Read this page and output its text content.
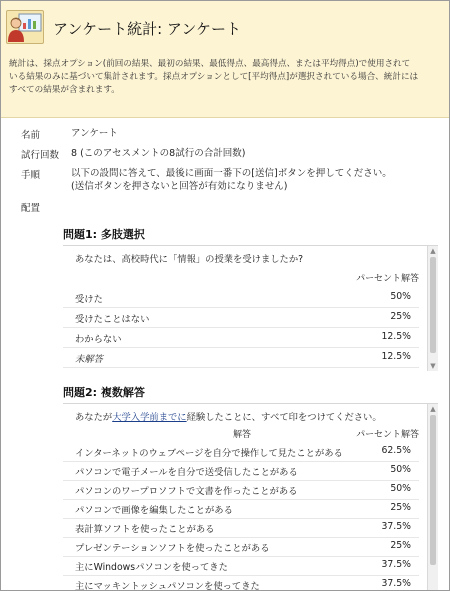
アンケート統計: アンケート
統計は、採点オプション(前回の結果、最初の結果、最低得点、最高得点、または平均得点)で使用されて
いる結果のみに基づいて集計されます。採点オプションとして[平均得点]が選択されている場合、統計には
すべての結果が含まれます。
名前	アンケート
試行回数 8 (このアセスメントの8試行の合計回数)
手順	以下の設問に答えて、最後に画面一番下の[送信]ボタンを押してください。
(送信ボタンを押さないと回答が有効になりません)
配置
問題1: 多肢選択
あなたは、高校時代に「情報」の授業を受けましたか?
パーセント解答
受けた	50%
受けたことはない	25%
わからない	12.5%
未解答	12.5%
▲
▼
問題2: 複数解答
あなたが大学入学前までに経験したことに、すべて印をつけてください。
解答	パーセント解答
インターネットのウェブページを自分で操作して見たことがある	62.5%
パソコンで電子メールを自分で送受信したことがある	50%
パソコンのワープロソフトで文書を作ったことがある	50%
パソコンで画像を編集したことがある	25%
表計算ソフトを使ったことがある	37.5%
プレゼンテーションソフトを使ったことがある	25%
主にWindowsパソコンを使ってきた	37.5%
主にマッキントッシュパソコンを使ってきた	37.5%
▲
